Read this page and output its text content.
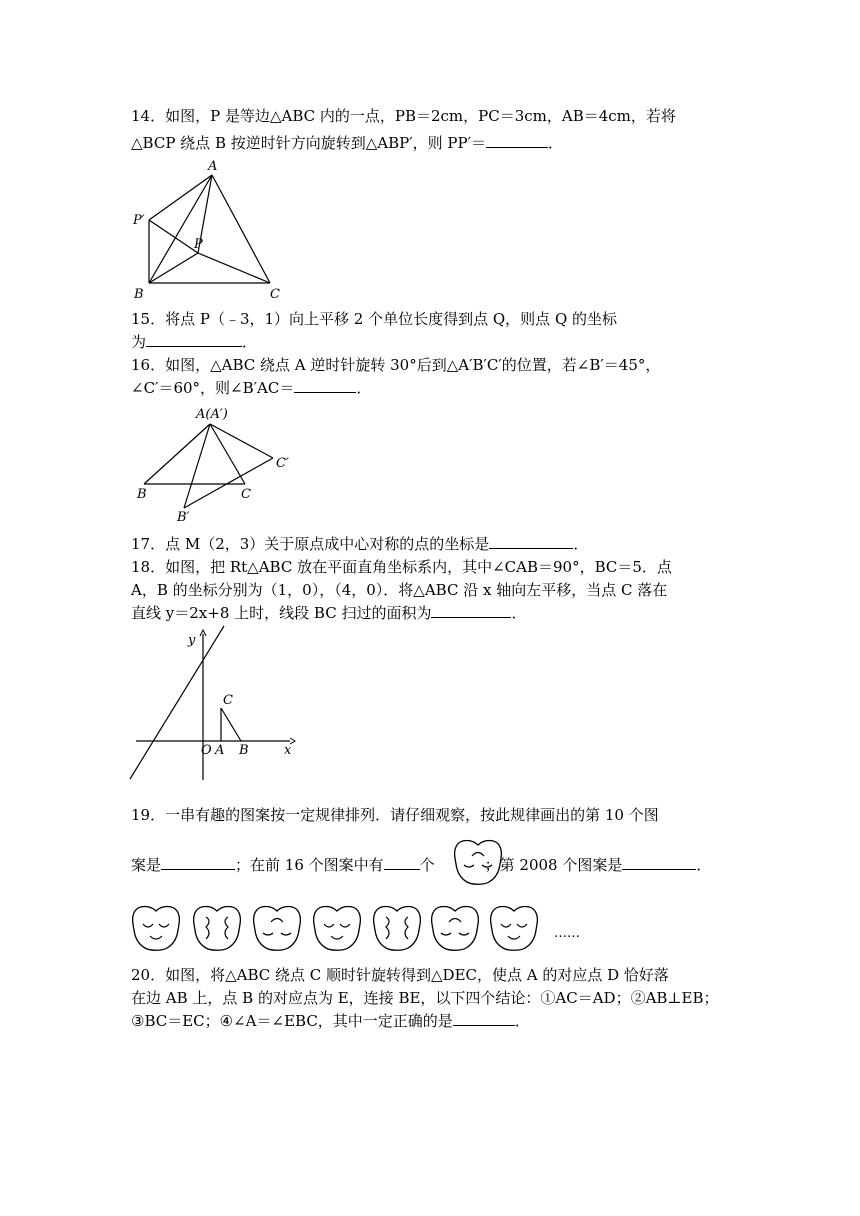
14．如图，P 是等边△ABC 内的一点，PB＝2cm，PC＝3cm，AB＝4cm，若将
△BCP 绕点 B 按逆时针方向旋转到△ABP′，则 PP′＝	．
A
P′
P
B	C
15．将点 P（﹣3，1）向上平移 2 个单位长度得到点 Q，则点 Q 的坐标
为	．
16．如图，△ABC 绕点 A 逆时针旋转 30°后到△A′B′C′的位置，若∠B′＝45°，
∠C′＝60°，则∠B′AC＝	．
A(A′)
C′
B	C
B′
17．点 M（2，3）关于原点成中心对称的点的坐标是	．
18．如图，把 Rt△ABC 放在平面直角坐标系内，其中∠CAB＝90°，BC＝5．点
A，B 的坐标分别为（1，0），（4，0）．将△ABC 沿 x 轴向左平移，当点 C 落在
直线 y＝2x+8 上时，线段 BC 扫过的面积为	．
y
C
O A B	x
19．一串有趣的图案按一定规律排列．请仔细观察，按此规律画出的第 10 个图
案是	；在前 16 个图案中有 个	；第 2008 个图案是	．
……
20．如图，将△ABC 绕点 C 顺时针旋转得到△DEC，使点 A 的对应点 D 恰好落
在边 AB 上，点 B 的对应点为 E，连接 BE，以下四个结论：①AC＝AD；②AB⊥EB；
③BC＝EC；④∠A＝∠EBC，其中一定正确的是	．
